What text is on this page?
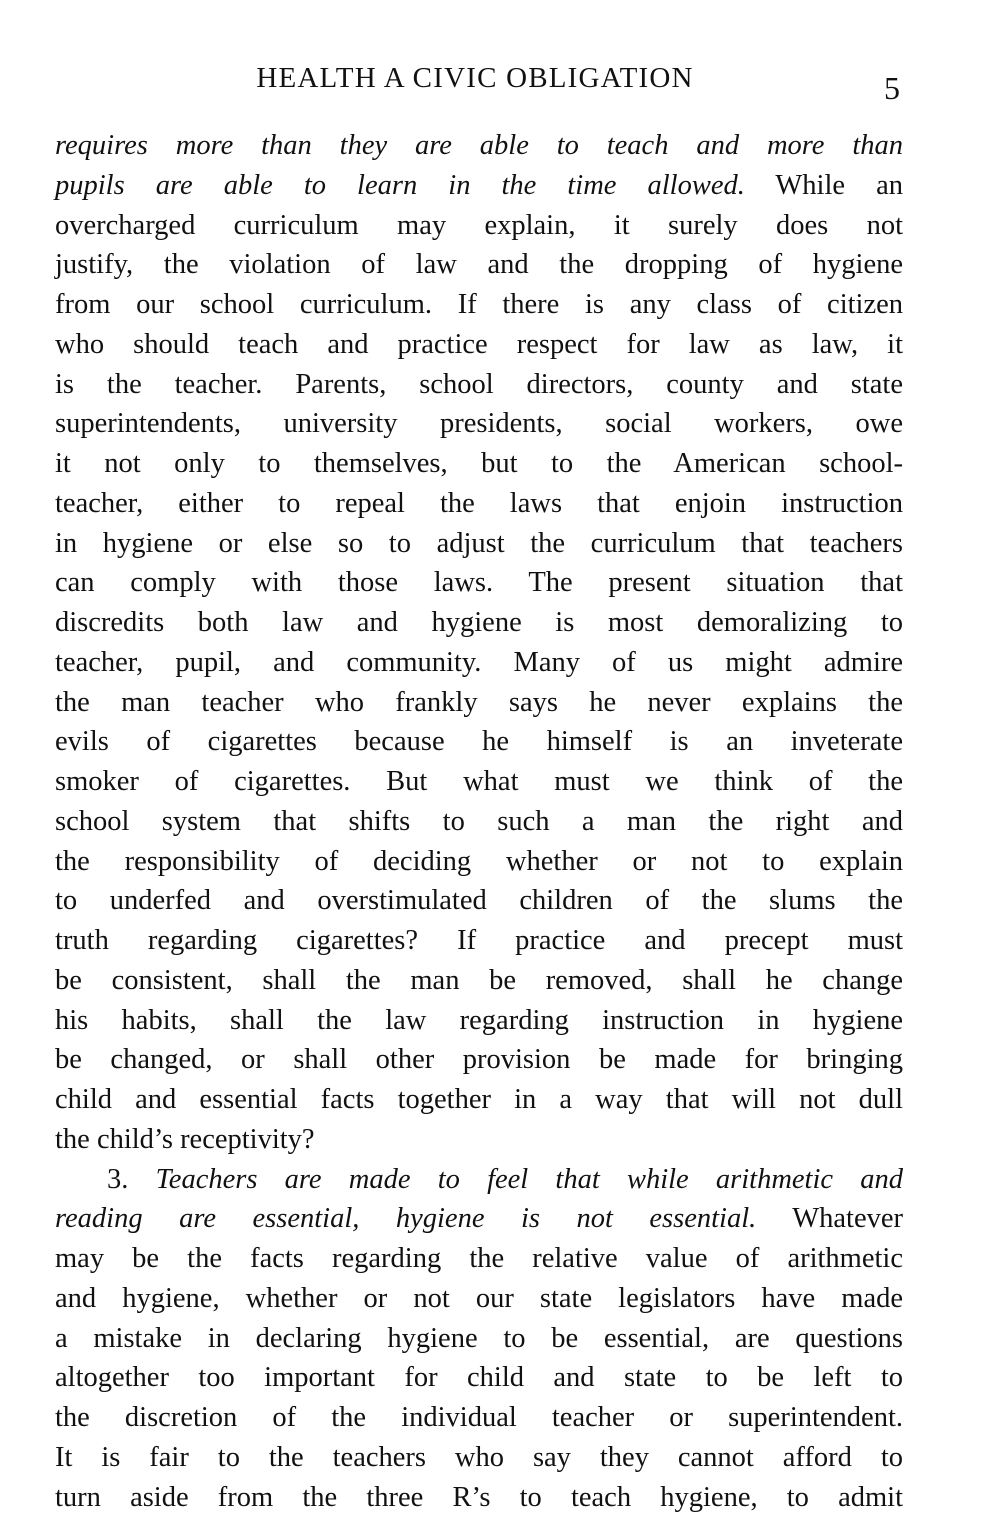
HEALTH A CIVIC OBLIGATION	5
requires more than they are able to teach and more than
pupils are able to learn in the time allowed. While an
overcharged curriculum may explain, it surely does not
justify, the violation of law and the dropping of hygiene
from our school curriculum. If there is any class of citizen
who should teach and practice respect for law as law, it
is the teacher. Parents, school directors, county and state
superintendents, university presidents, social workers, owe
it not only to themselves, but to the American school-
teacher, either to repeal the laws that enjoin instruction
in hygiene or else so to adjust the curriculum that teachers
can comply with those laws. The present situation that
discredits both law and hygiene is most demoralizing to
teacher, pupil, and community. Many of us might admire
the man teacher who frankly says he never explains the
evils of cigarettes because he himself is an inveterate
smoker of cigarettes. But what must we think of the
school system that shifts to such a man the right and
the responsibility of deciding whether or not to explain
to underfed and overstimulated children of the slums the
truth regarding cigarettes? If practice and precept must
be consistent, shall the man be removed, shall he change
his habits, shall the law regarding instruction in hygiene
be changed, or shall other provision be made for bringing
child and essential facts together in a way that will not dull
the child’s receptivity?
3. Teachers are made to feel that while arithmetic and
reading are essential, hygiene is not essential. Whatever
may be the facts regarding the relative value of arithmetic
and hygiene, whether or not our state legislators have made
a mistake in declaring hygiene to be essential, are questions
altogether too important for child and state to be left to
the discretion of the individual teacher or superintendent.
It is fair to the teachers who say they cannot afford to
turn aside from the three R’s to teach hygiene, to admit
